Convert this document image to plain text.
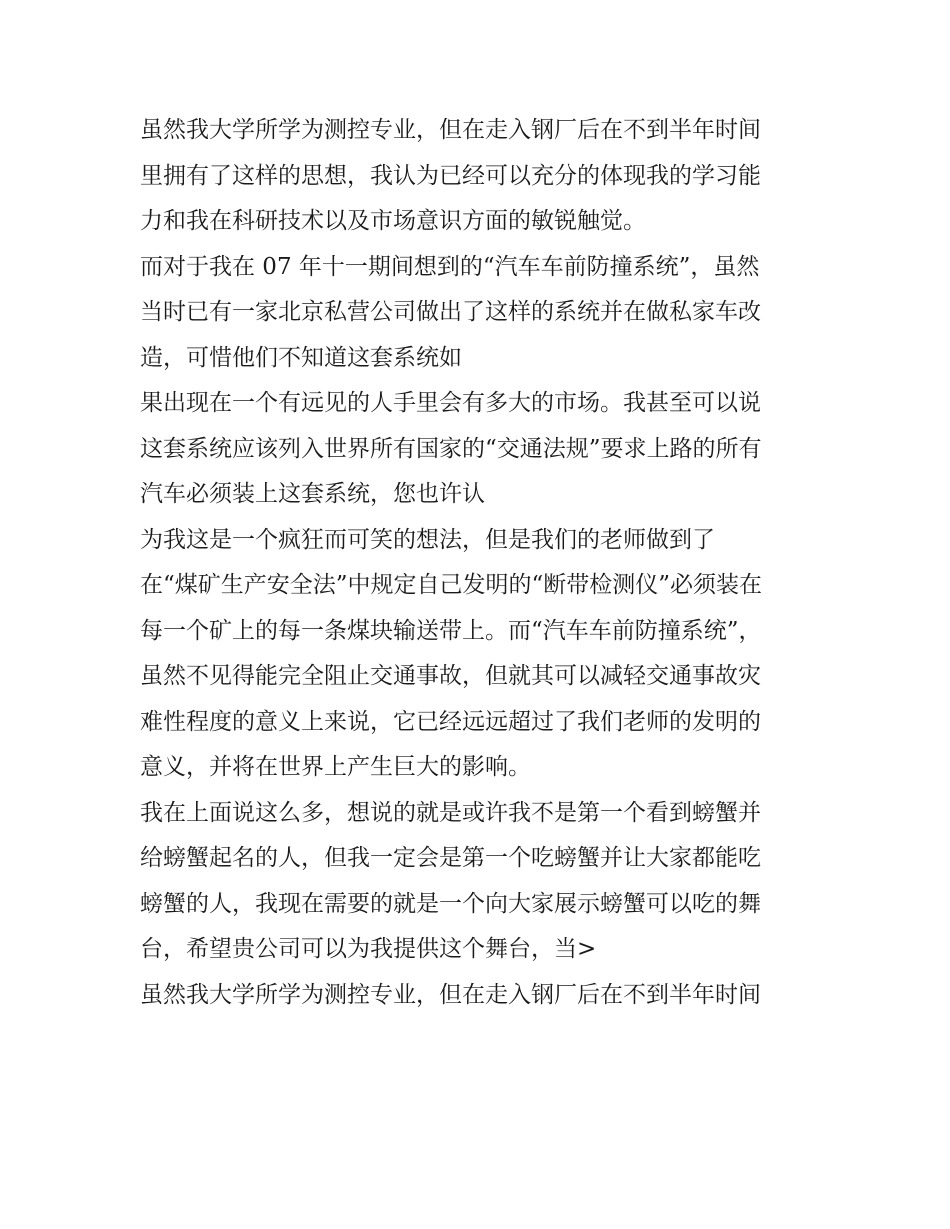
虽然我大学所学为测控专业，但在走入钢厂后在不到半年时间
里拥有了这样的思想，我认为已经可以充分的体现我的学习能
力和我在科研技术以及市场意识方面的敏锐触觉。
而对于我在 07 年十一期间想到的“汽车车前防撞系统”，虽然
当时已有一家北京私营公司做出了这样的系统并在做私家车改
造，可惜他们不知道这套系统如
果出现在一个有远见的人手里会有多大的市场。我甚至可以说
这套系统应该列入世界所有国家的“交通法规”要求上路的所有
汽车必须装上这套系统，您也许认
为我这是一个疯狂而可笑的想法，但是我们的老师做到了
在“煤矿生产安全法”中规定自己发明的“断带检测仪”必须装在
每一个矿上的每一条煤块输送带上。而“汽车车前防撞系统”，
虽然不见得能完全阻止交通事故，但就其可以减轻交通事故灾
难性程度的意义上来说，它已经远远超过了我们老师的发明的
意义，并将在世界上产生巨大的影响。
我在上面说这么多，想说的就是或许我不是第一个看到螃蟹并
给螃蟹起名的人，但我一定会是第一个吃螃蟹并让大家都能吃
螃蟹的人，我现在需要的就是一个向大家展示螃蟹可以吃的舞
台，希望贵公司可以为我提供这个舞台，当>
虽然我大学所学为测控专业，但在走入钢厂后在不到半年时间
